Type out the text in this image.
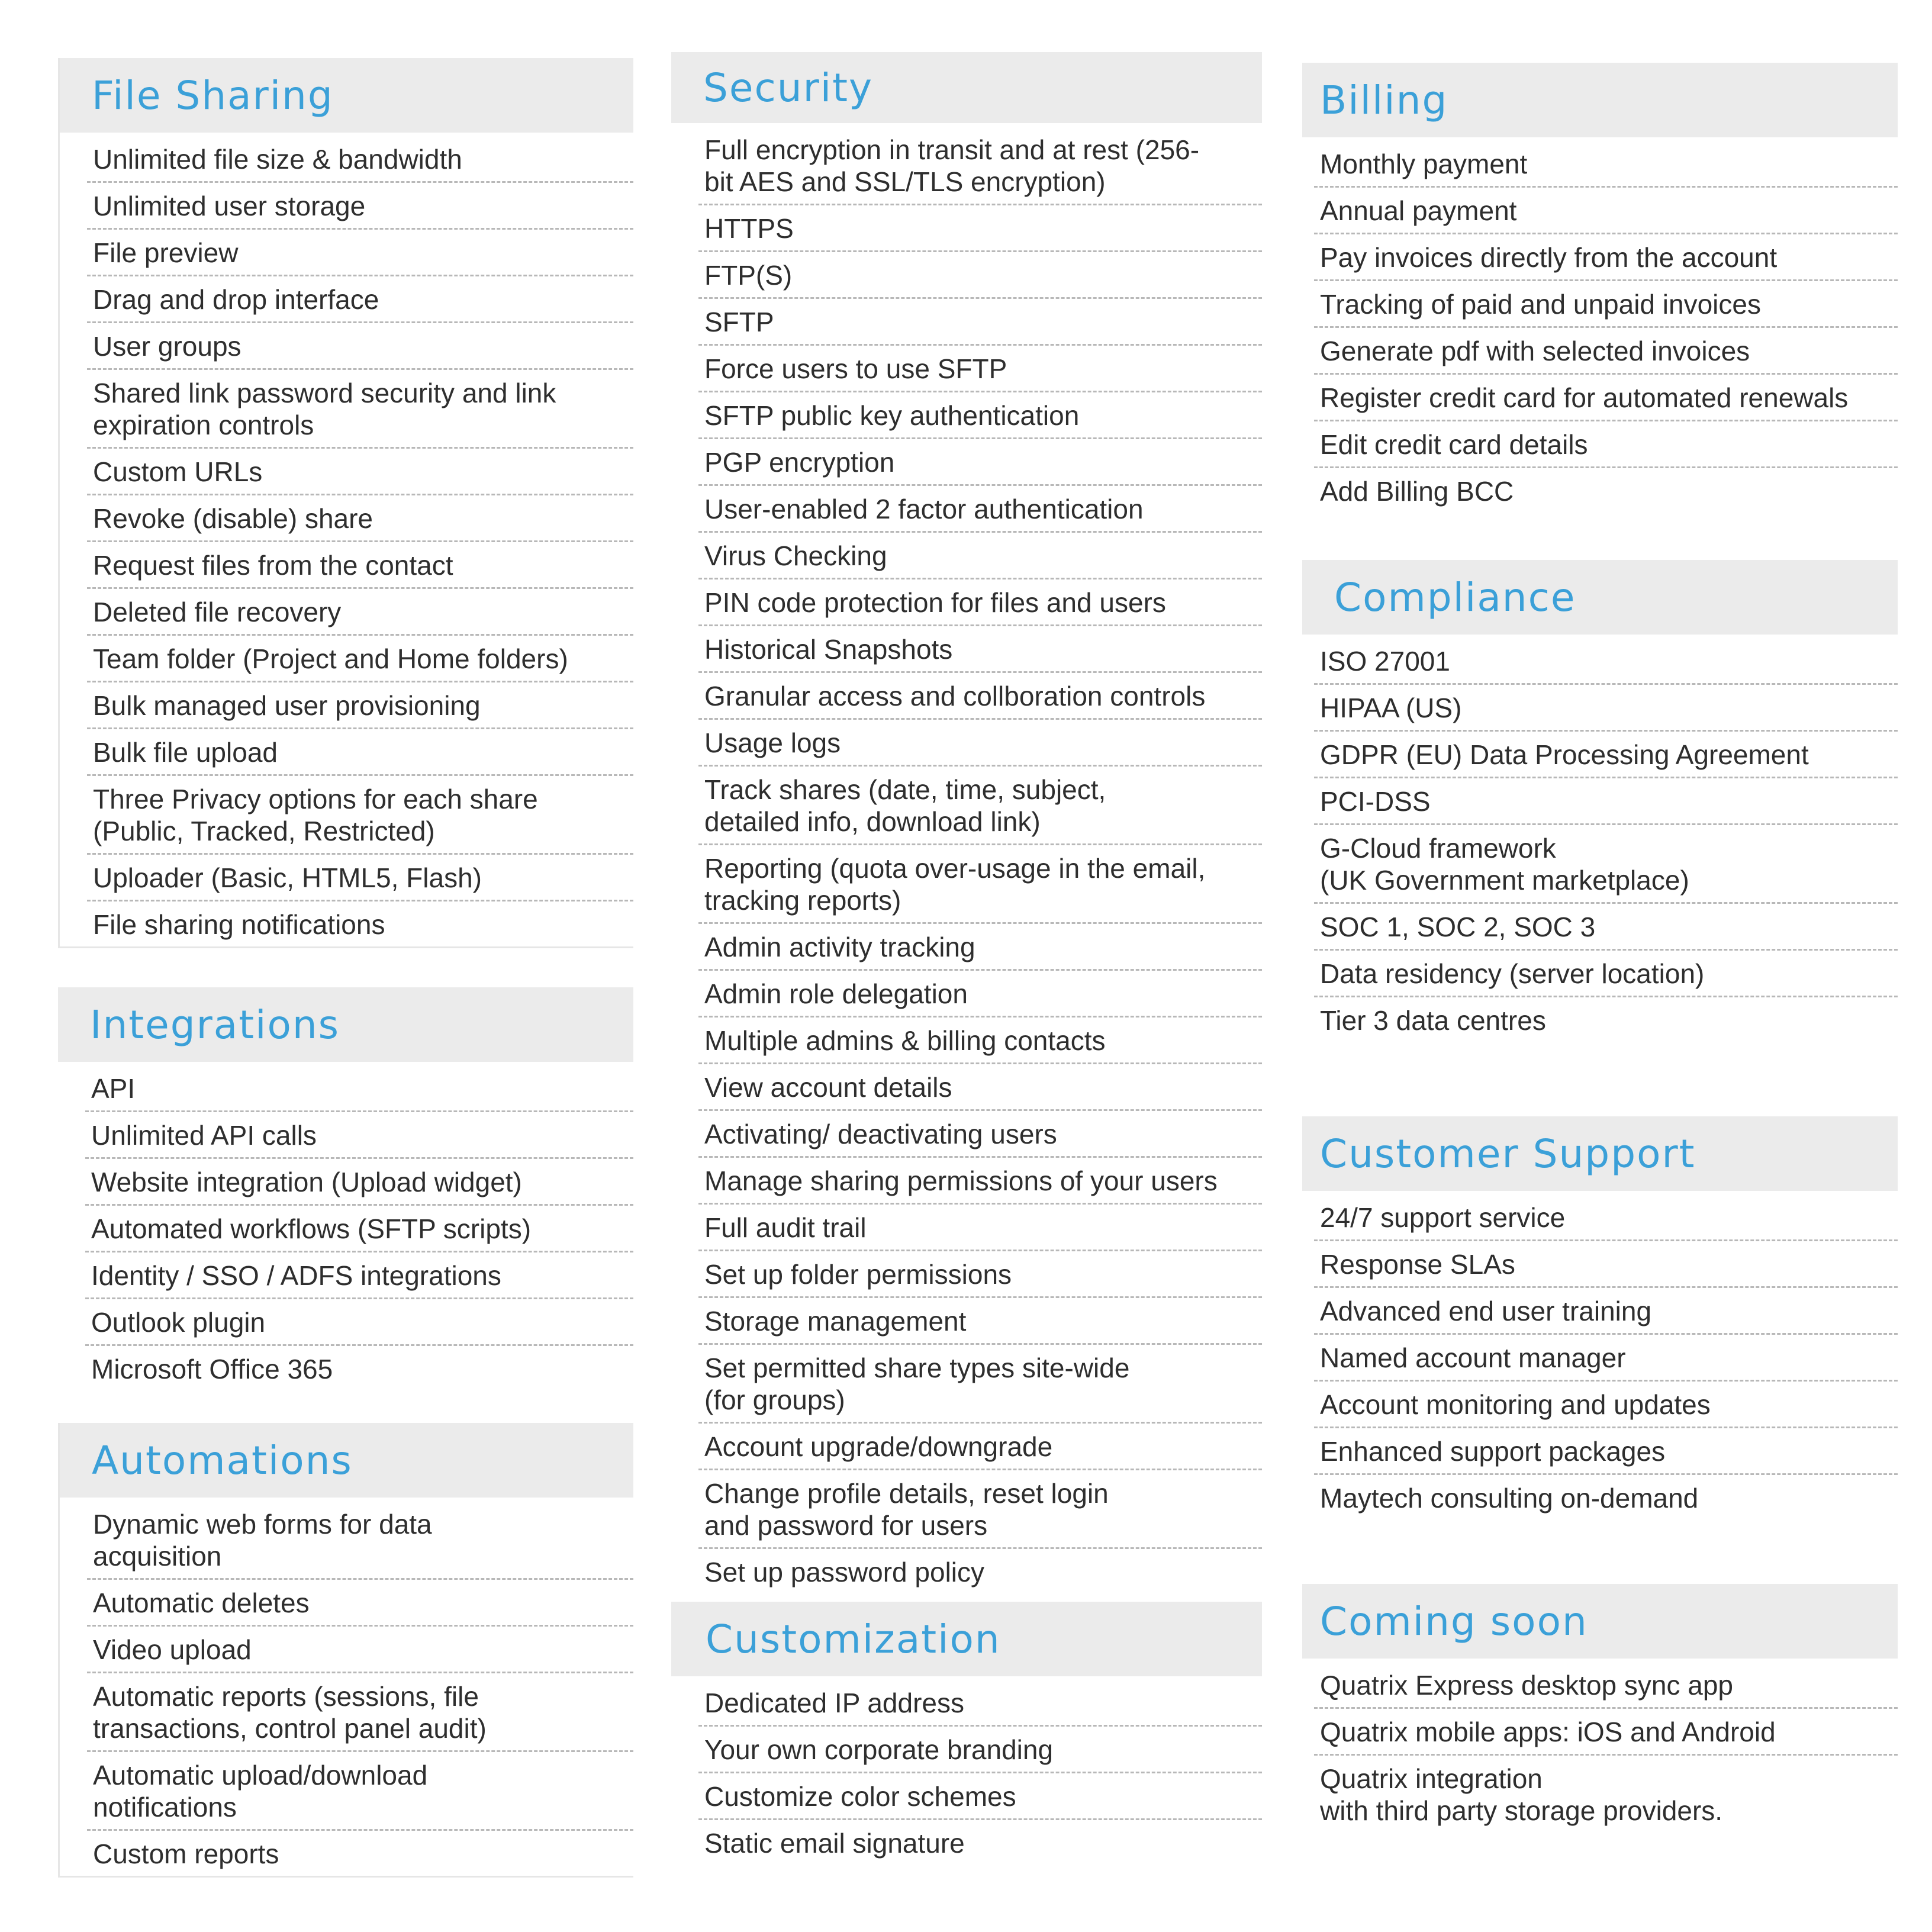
File Sharing
Unlimited file size & bandwidth
Unlimited user storage
File preview
Drag and drop interface
User groups
Shared link password security and link
expiration controls
Custom URLs
Revoke (disable) share
Request files from the contact
Deleted file recovery
Team folder (Project and Home folders)
Bulk managed user provisioning
Bulk file upload
Three Privacy options for each share
(Public, Tracked, Restricted)
Uploader (Basic, HTML5, Flash)
File sharing notifications
Integrations
API
Unlimited API calls
Website integration (Upload widget)
Automated workflows (SFTP scripts)
Identity / SSO / ADFS integrations
Outlook plugin
Microsoft Office 365
Automations
Dynamic web forms for data
acquisition
Automatic deletes
Video upload
Automatic reports (sessions, file
transactions, control panel audit)
Automatic upload/download
notifications
Custom reports
Security
Full encryption in transit and at rest (256-
bit AES and SSL/TLS encryption)
HTTPS
FTP(S)
SFTP
Force users to use SFTP
SFTP public key authentication
PGP encryption
User-enabled 2 factor authentication
Virus Checking
PIN code protection for files and users
Historical Snapshots
Granular access and collboration controls
Usage logs
Track shares (date, time, subject,
detailed info, download link)
Reporting (quota over-usage in the email,
tracking reports)
Admin activity tracking
Admin role delegation
Multiple admins & billing contacts
View account details
Activating/ deactivating users
Manage sharing permissions of your users
Full audit trail
Set up folder permissions
Storage management
Set permitted share types site-wide
(for groups)
Account upgrade/downgrade
Change profile details, reset login
and password for users
Set up password policy
Customization
Dedicated IP address
Your own corporate branding
Customize color schemes
Static email signature
Billing
Monthly payment
Annual payment
Pay invoices directly from the account
Tracking of paid and unpaid invoices
Generate pdf with selected invoices
Register credit card for automated renewals
Edit credit card details
Add Billing BCC
Compliance
ISO 27001
HIPAA (US)
GDPR (EU) Data Processing Agreement
PCI-DSS
G-Cloud framework
(UK Government marketplace)
SOC 1, SOC 2, SOC 3
Data residency (server location)
Tier 3 data centres
Customer Support
24/7 support service
Response SLAs
Advanced end user training
Named account manager
Account monitoring and updates
Enhanced support packages
Maytech consulting on-demand
Coming soon
Quatrix Express desktop sync app
Quatrix mobile apps: iOS and Android
Quatrix integration
with third party storage providers.
